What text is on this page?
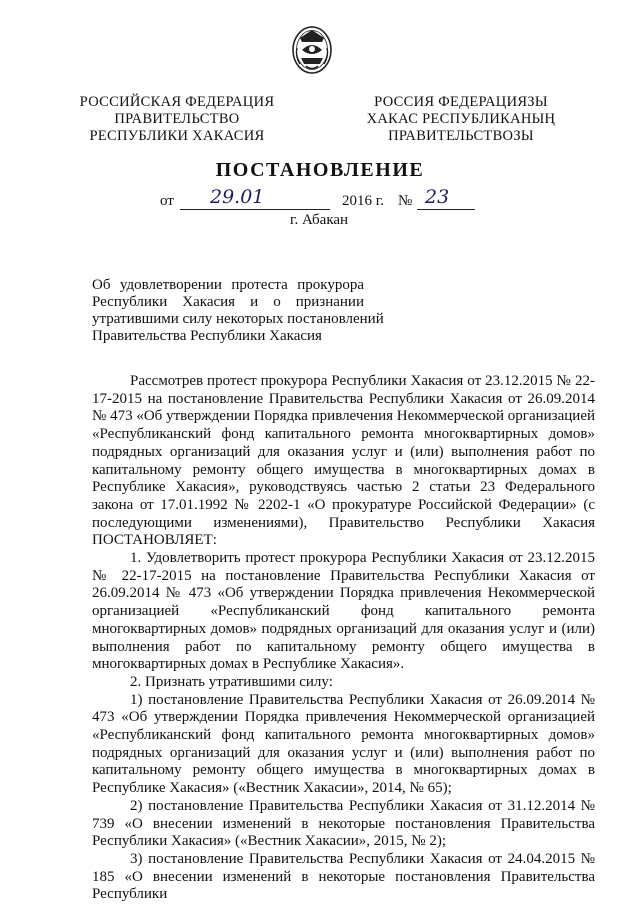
РОССИЙСКАЯ ФЕДЕРАЦИЯ
ПРАВИТЕЛЬСТВО
РЕСПУБЛИКИ ХАКАСИЯ
РОССИЯ ФЕДЕРАЦИЯЗЫ
ХАКАС РЕСПУБЛИКАНЫҢ
ПРАВИТЕЛЬСТВОЗЫ
ПОСТАНОВЛЕНИЕ
от 29.01	2016 г. № 23
г. Абакан
Об удовлетворении протеста прокурора
Республики Хакасия и о признании
утратившими силу некоторых постановлений
Правительства Республики Хакасия

Рассмотрев протест прокурора Республики Хакасия от 23.12.2015 № 22-17-2015 на постановление Правительства Республики Хакасия от 26.09.2014 № 473 «Об утверждении Порядка привлечения Некоммерческой организацией «Республиканский фонд капитального ремонта многоквартирных домов» подрядных организаций для оказания услуг и (или) выполнения работ по капитальному ремонту общего имущества в многоквартирных домах в Республике Хакасия», руководствуясь частью 2 статьи 23 Федерального закона от 17.01.1992 № 2202-1 «О прокуратуре Российской Федерации» (с последующими изменениями), Правительство Республики Хакасия ПОСТАНОВЛЯЕТ:

1. Удовлетворить протест прокурора Республики Хакасия от 23.12.2015 № 22-17-2015 на постановление Правительства Республики Хакасия от 26.09.2014 № 473 «Об утверждении Порядка привлечения Некоммерческой организацией «Республиканский фонд капитального ремонта многоквартирных домов» подрядных организаций для оказания услуг и (или) выполнения работ по капитальному ремонту общего имущества в многоквартирных домах в Республике Хакасия».

2. Признать утратившими силу:

1) постановление Правительства Республики Хакасия от 26.09.2014 № 473 «Об утверждении Порядка привлечения Некоммерческой организацией «Республиканский фонд капитального ремонта многоквартирных домов» подрядных организаций для оказания услуг и (или) выполнения работ по капитальному ремонту общего имущества в многоквартирных домах в Республике Хакасия» («Вестник Хакасии», 2014, № 65);

2) постановление Правительства Республики Хакасия от 31.12.2014 № 739 «О внесении изменений в некоторые постановления Правительства Республики Хакасия» («Вестник Хакасии», 2015, № 2);

3) постановление Правительства Республики Хакасия от 24.04.2015 № 185 «О внесении изменений в некоторые постановления Правительства Республики
